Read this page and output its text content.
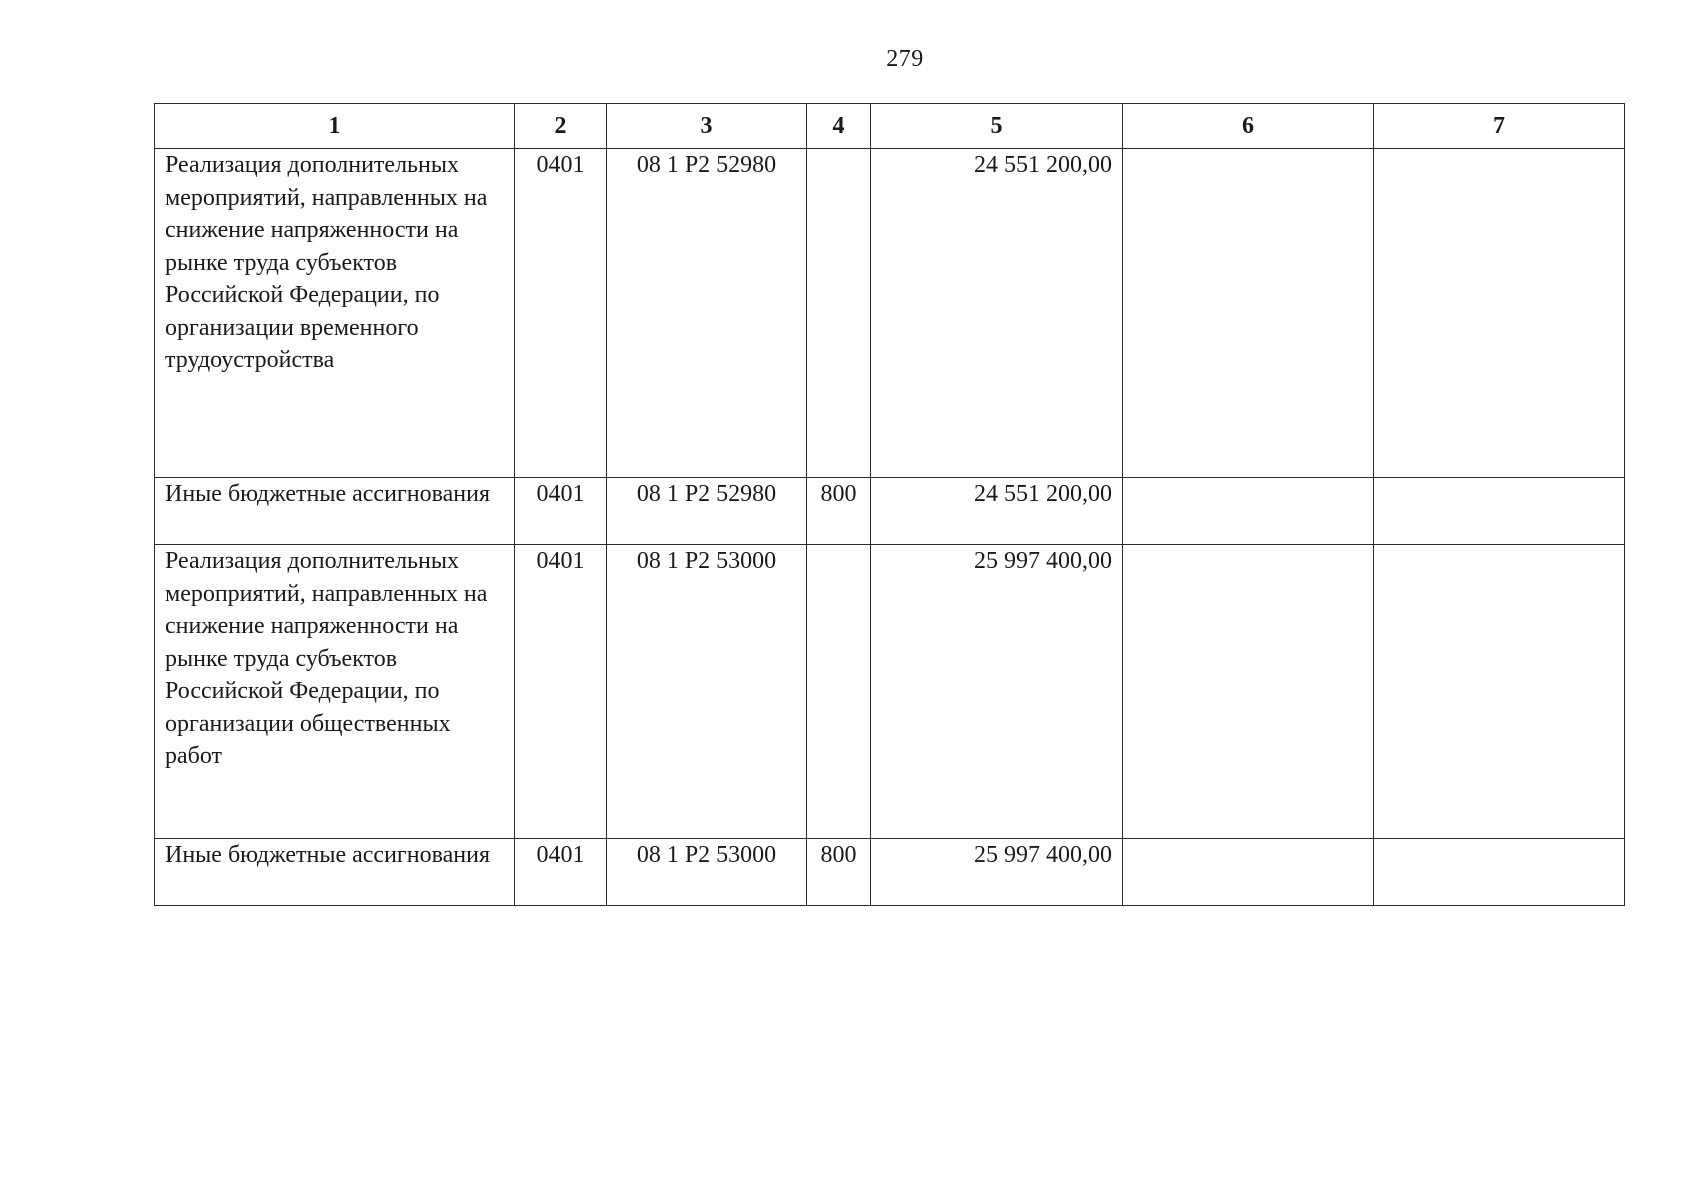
279
1	2	3	4	5	6	7
Реализация дополнительных мероприятий, направленных на снижение напряженности на рынке труда субъектов Российской Федерации, по организации временного трудоустройства	0401	08 1 Р2 52980		24 551 200,00		
Иные бюджетные ассигнования	0401	08 1 Р2 52980	800	24 551 200,00		
Реализация дополнительных мероприятий, направленных на снижение напряженности на рынке труда субъектов Российской Федерации, по организации общественных работ	0401	08 1 Р2 53000		25 997 400,00		
Иные бюджетные ассигнования	0401	08 1 Р2 53000	800	25 997 400,00		
